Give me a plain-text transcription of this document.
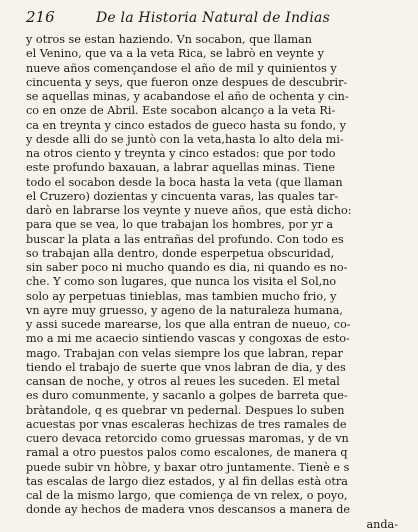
216	De la Historia Natural de Indias
y otros se estan haziendo. Vn socabon, que llaman
el Venino, que va a la veta Rica, se labrò en veynte y
nueve años començandose el año de mil y quinientos y
cincuenta y seys, que fueron onze despues de descubrir-
se aquellas minas, y acabandose el año de ochenta y cin-
co en onze de Abril. Este socabon alcanço a la veta Ri-
ca en treynta y cinco estados de gueco hasta su fondo, y
y desde alli do se juntò con la veta,hasta lo alto dela mi-
na otros ciento y treynta y cinco estados: que por todo
este profundo baxauan, a labrar aquellas minas. Tiene
todo el socabon desde la boca hasta la veta (que llaman
el Cruzero) dozientas y cincuenta varas, las quales tar-
darò en labrarse los veynte y nueve años, que està dicho:
para que se vea, lo que trabajan los hombres, por yr a
buscar la plata a las entrañas del profundo. Con todo es
so trabajan alla dentro, donde esperpetua obscuridad,
sin saber poco ni mucho quando es dia, ni quando es no-
che. Y como son lugares, que nunca los visita el Sol,no
solo ay perpetuas tinieblas, mas tambien mucho frio, y
vn ayre muy gruesso, y ageno de la naturaleza humana,
y assi sucede marearse, los que alla entran de nueuo, co-
mo a mi me acaecio sintiendo vascas y congoxas de esto-
mago. Trabajan con velas siempre los que labran, repar
tiendo el trabajo de suerte que vnos labran de dia, y des
cansan de noche, y otros al reues les suceden. El metal
es duro comunmente, y sacanlo a golpes de barreta que-
bràtandole, q es quebrar vn pedernal. Despues lo suben
acuestas por vnas escaleras hechizas de tres ramales de
cuero devaca retorcido como gruessas maromas, y de vn
ramal a otro puestos palos como escalones, de manera q
puede subir vn hòbre, y baxar otro juntamente. Tienè e s
tas escalas de largo diez estados, y al fin dellas està otra
cal de la mismo largo, que comiença de vn relex, o poyo,
donde ay hechos de madera vnos descansos a manera de
anda-
